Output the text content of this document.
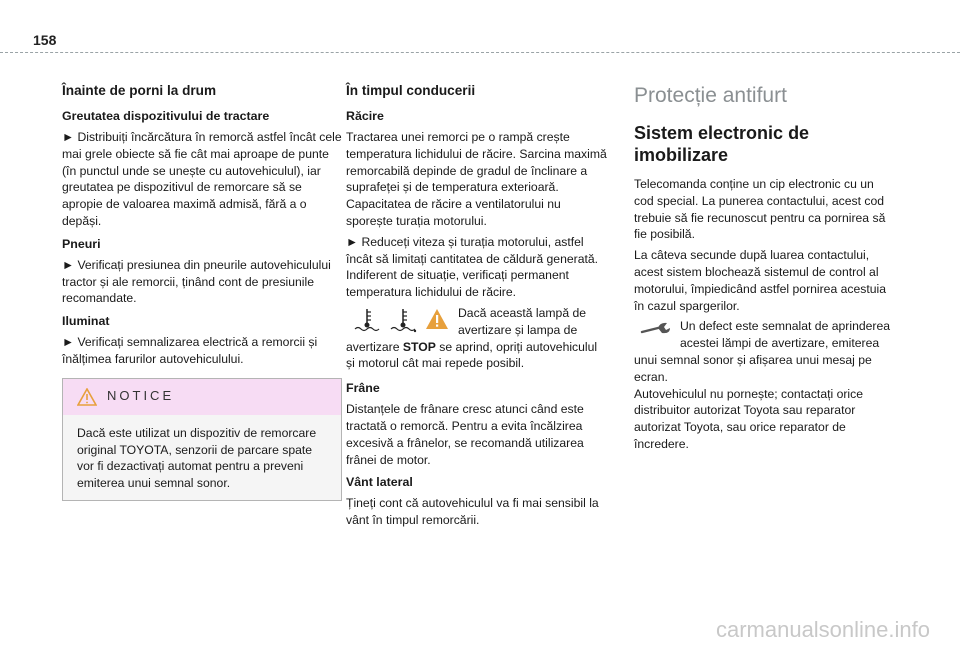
158
Înainte de porni la drum
Greutatea dispozitivului de tractare

► Distribuiți încărcătura în remorcă astfel încât cele mai grele obiecte să fie cât mai aproape de punte (în punctul unde se unește cu autovehiculul), iar greutatea pe dispozitivul de remorcare să se apropie de valoarea maximă admisă, fără a o depăși.

Pneuri

► Verificați presiunea din pneurile autovehiculului tractor și ale remorcii, ținând cont de presiunile recomandate.

Iluminat

► Verificați semnalizarea electrică a remorcii și înălțimea farurilor autovehiculului.

NOTICE
Dacă este utilizat un dispozitiv de remorcare original TOYOTA, senzorii de parcare spate vor fi dezactivați automat pentru a preveni emiterea unui semnal sonor.
În timpul conducerii
Răcire

Tractarea unei remorci pe o rampă crește temperatura lichidului de răcire. Sarcina maximă remorcabilă depinde de gradul de înclinare a suprafeței și de temperatura exterioară. Capacitatea de răcire a ventilatorului nu sporește turația motorului.

► Reduceți viteza și turația motorului, astfel încât să limitați cantitatea de căldură generată. Indiferent de situație, verificați permanent temperatura lichidului de răcire.

Dacă această lampă de avertizare și lampa de avertizare STOP se aprind, opriți autovehiculul și motorul cât mai repede posibil.
Frâne

Distanțele de frânare cresc atunci când este tractată o remorcă. Pentru a evita încălzirea excesivă a frânelor, se recomandă utilizarea frânei de motor.

Vânt lateral

Țineți cont că autovehiculul va fi mai sensibil la vânt în timpul remorcării.

Protecție antifurt
Sistem electronic de imobilizare

Telecomanda conține un cip electronic cu un cod special. La punerea contactului, acest cod trebuie să fie recunoscut pentru ca pornirea să fie posibilă.

La câteva secunde după luarea contactului, acest sistem blochează sistemul de control al motorului, împiedicând astfel pornirea acestuia în cazul spargerilor.

Un defect este semnalat de aprinderea acestei lămpi de avertizare, emiterea unui semnal sonor și afișarea unui mesaj pe ecran.

Autovehiculul nu pornește; contactați orice distribuitor autorizat Toyota sau reparator autorizat Toyota, sau orice reparator de încredere.

carmanualsonline.info
